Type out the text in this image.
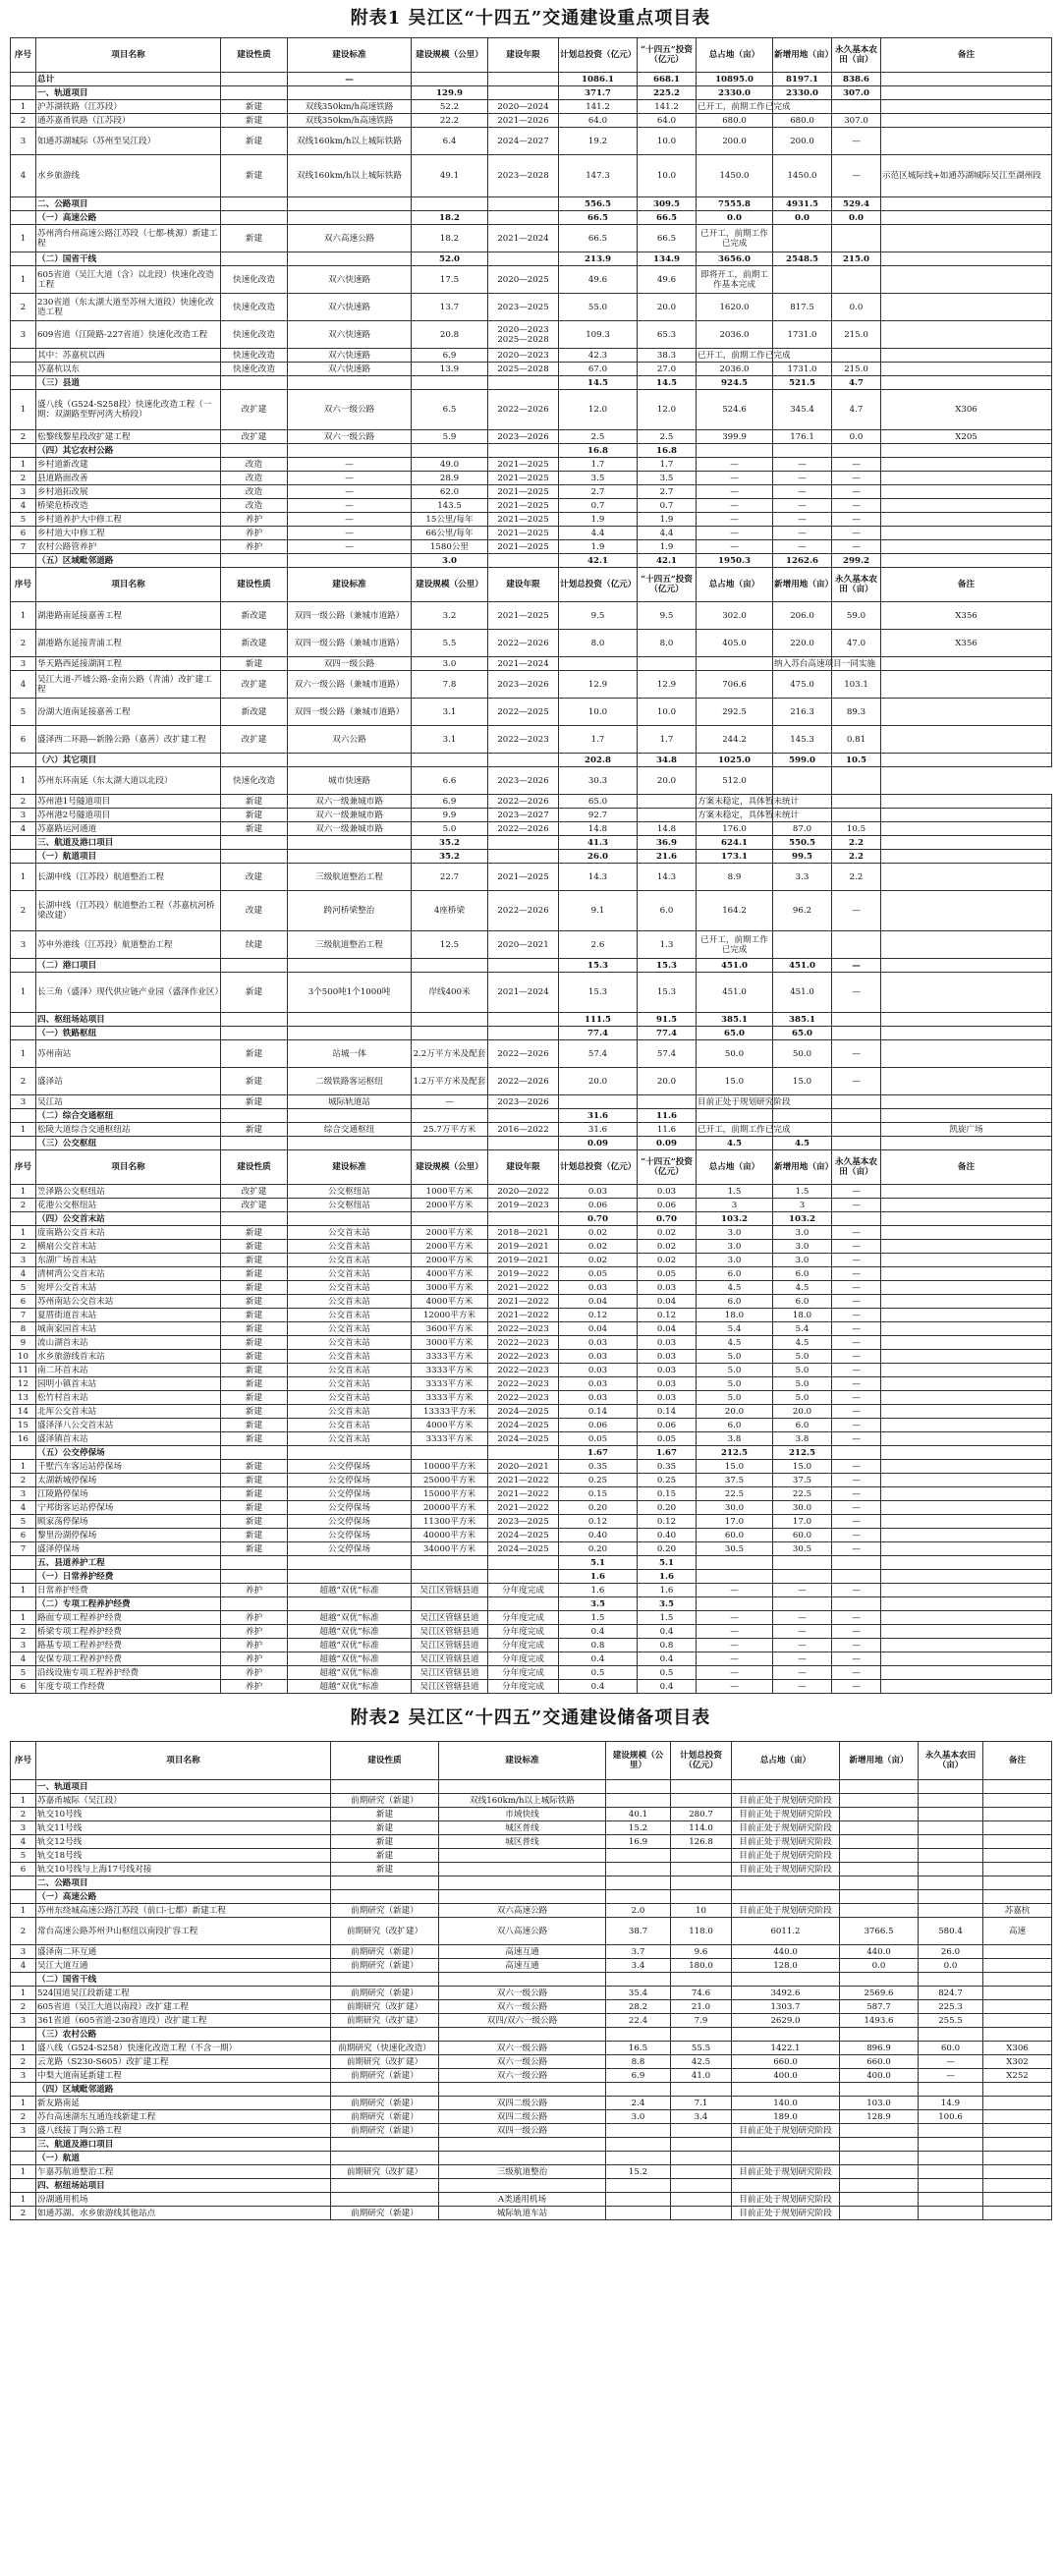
附表1 吴江区“十四五”交通建设重点项目表
序号	项目名称	建设性质	建设标准	建设规模（公里）	建设年限	计划总投资（亿元）	“十四五”投资（亿元）	总占地（亩）	新增用地（亩）	永久基本农田（亩）	备注
	总计		—			1086.1	668.1	10895.0	8197.1	838.6	
	一、轨道项目			129.9		371.7	225.2	2330.0	2330.0	307.0	
1	沪苏湖铁路（江苏段）	新建	双线350km/h高速铁路	52.2	2020—2024	141.2	141.2	已开工，前期工作已完成			
2	通苏嘉甬铁路（江苏段）	新建	双线350km/h高速铁路	22.2	2021—2026	64.0	64.0	680.0	680.0	307.0	
3	如通苏湖城际（苏州至吴江段）	新建	双线160km/h以上城际铁路	6.4	2024—2027	19.2	10.0	200.0	200.0	—	
4	水乡旅游线	新建	双线160km/h以上城际铁路	49.1	2023—2028	147.3	10.0	1450.0	1450.0	—	示范区城际线+如通苏湖城际吴江至湖州段
	二、公路项目					556.5	309.5	7555.8	4931.5	529.4	
	（一）高速公路			18.2		66.5	66.5	0.0	0.0	0.0	
1	苏州湾台州高速公路江苏段（七都-桃源）新建工程	新建	双六高速公路	18.2	2021—2024	66.5	66.5	已开工，前期工作已完成			
	（二）国省干线			52.0		213.9	134.9	3656.0	2548.5	215.0	
1	605省道（吴江大道（含）以北段）快速化改造工程	快速化改造	双六快速路	17.5	2020—2025	49.6	49.6	即将开工，前期工作基本完成			
2	230省道（东太湖大道至苏州大道段）快速化改造工程	快速化改造	双六快速路	13.7	2023—2025	55.0	20.0	1620.0	817.5	0.0	
3	609省道（江陵路-227省道）快速化改造工程	快速化改造	双六快速路	20.8	2020—2023 2025—2028	109.3	65.3	2036.0	1731.0	215.0	
	其中：苏嘉杭以西	快速化改造	双六快速路	6.9	2020—2023	42.3	38.3	已开工，前期工作已完成			
	苏嘉杭以东	快速化改造	双六快速路	13.9	2025—2028	67.0	27.0	2036.0	1731.0	215.0	
	（三）县道					14.5	14.5	924.5	521.5	4.7	
1	盛八线（G524-S258段）快速化改造工程（一期：双湖路至野河湾大桥段）	改扩建	双六一级公路	6.5	2022—2026	12.0	12.0	524.6	345.4	4.7	X306
2	松黎线黎星段改扩建工程	改扩建	双六一级公路	5.9	2023—2026	2.5	2.5	399.9	176.1	0.0	X205
	（四）其它农村公路					16.8	16.8				
1	乡村道新改建	改造	—	49.0	2021—2025	1.7	1.7	—	—	—	
2	县道路面改善	改造	—	28.9	2021—2025	3.5	3.5	—	—	—	
3	乡村道拓改展	改造	—	62.0	2021—2025	2.7	2.7	—	—	—	
4	桥梁危桥改造	改造	—	143.5	2021—2025	0.7	0.7	—	—	—	
5	乡村道养护大中修工程	养护	—	15公里/每年	2021—2025	1.9	1.9	—	—	—	
6	乡村道大中修工程	养护	—	66公里/每年	2021—2025	4.4	4.4	—	—	—	
7	农村公路管养护	养护	—	1580公里	2021—2025	1.9	1.9	—	—	—	
	（五）区域毗邻道路			3.0		42.1	42.1	1950.3	1262.6	299.2	
序号	项目名称	建设性质	建设标准	建设规模（公里）	建设年限	计划总投资（亿元）	“十四五”投资（亿元）	总占地（亩）	新增用地（亩）	永久基本农田（亩）	备注
1	湖港路南延接嘉善工程	新改建	双四一级公路（兼城市道路）	3.2	2021—2025	9.5	9.5	302.0	206.0	59.0	X356
2	湖港路东延接青浦工程	新改建	双四一级公路（兼城市道路）	5.5	2022—2026	8.0	8.0	405.0	220.0	47.0	X356
3	华天路西延接湖洞工程	新建	双四一级公路	3.0	2021—2024				纳入苏台高速项目一同实施		
4	吴江大道-芦墟公路-金南公路（青浦）改扩建工程	改扩建	双六一级公路（兼城市道路）	7.8	2023—2026	12.9	12.9	706.6	475.0	103.1	
5	汾湖大道南延接嘉善工程	新改建	双四一级公路（兼城市道路）	3.1	2022—2025	10.0	10.0	292.5	216.3	89.3	
6	盛泽西二环路—新塍公路（嘉善）改扩建工程	改扩建	双六公路	3.1	2022—2023	1.7	1.7	244.2	145.3	0.81	
	（六）其它项目					202.8	34.8	1025.0	599.0	10.5	
1	苏州东环南延（东太湖大道以北段）	快速化改造	城市快速路	6.6	2023—2026	30.3	20.0	512.0			
2	苏州港1号隧道项目	新建	双六一级兼城市路	6.9	2022—2026	65.0		方案未稳定，具体暂未统计			
3	苏州港2号隧道项目	新建	双六一级兼城市路	9.9	2023—2027	92.7		方案未稳定，具体暂未统计			
4	苏嘉路运河通道	新建	双六一级兼城市路	5.0	2022—2026	14.8	14.8	176.0	87.0	10.5	
	三、航道及港口项目			35.2		41.3	36.9	624.1	550.5	2.2	
	（一）航道项目			35.2		26.0	21.6	173.1	99.5	2.2	
1	长湖申线（江苏段）航道整治工程	改建	三级航道整治工程	22.7	2021—2025	14.3	14.3	8.9	3.3	2.2	
2	长湖申线（江苏段）航道整治工程（苏嘉杭河桥梁改建）	改建	跨河桥梁整治	4座桥梁	2022—2026	9.1	6.0	164.2	96.2	—	
3	苏申外港线（江苏段）航道整治工程	续建	三级航道整治工程	12.5	2020—2021	2.6	1.3	已开工，前期工作已完成			
	（二）港口项目					15.3	15.3	451.0	451.0	—	
1	长三角（盛泽）现代供应链产业园（盛泽作业区）	新建	3个500吨1个1000吨	岸线400米	2021—2024	15.3	15.3	451.0	451.0	—	
	四、枢纽场站项目					111.5	91.5	385.1	385.1		
	（一）铁路枢纽					77.4	77.4	65.0	65.0		
1	苏州南站	新建	站城一体	2.2万平方米及配套	2022—2026	57.4	57.4	50.0	50.0	—	
2	盛泽站	新建	二级铁路客运枢纽	1.2万平方米及配套	2022—2026	20.0	20.0	15.0	15.0	—	
3	吴江站	新建	城际轨道站	—	2023—2026			目前正处于规划研究阶段			
	（二）综合交通枢纽					31.6	11.6				
1	松陵大道综合交通枢纽站	新建	综合交通枢纽	25.7万平方米	2016—2022	31.6	11.6	已开工，前期工作已完成			凯旋广场
	（三）公交枢纽					0.09	0.09	4.5	4.5		
序号	项目名称	建设性质	建设标准	建设规模（公里）	建设年限	计划总投资（亿元）	“十四五”投资（亿元）	总占地（亩）	新增用地（亩）	永久基本农田（亩）	备注
1	笠泽路公交枢纽站	改扩建	公交枢纽站	1000平方米	2020—2022	0.03	0.03	1.5	1.5	—	
2	花港公交枢纽站	改扩建	公交枢纽站	2000平方米	2019—2023	0.06	0.06	3	3	—	
	（四）公交首末站					0.70	0.70	103.2	103.2		
1	庞南路公交首末站	新建	公交首末站	2000平方米	2018—2021	0.02	0.02	3.0	3.0	—	
2	横扇公交首末站	新建	公交首末站	2000平方米	2019—2021	0.02	0.02	3.0	3.0	—	
3	东湖广场首末站	新建	公交首末站	2000平方米	2019—2021	0.02	0.02	3.0	3.0	—	
4	清树湾公交首末站	新建	公交首末站	4000平方米	2019—2022	0.05	0.05	6.0	6.0	—	
5	宛坪公交首末站	新建	公交首末站	3000平方米	2021—2022	0.03	0.03	4.5	4.5	—	
6	苏州南站公交首末站	新建	公交首末站	4000平方米	2021—2022	0.04	0.04	6.0	6.0	—	
7	夏厝街道首末站	新建	公交首末站	12000平方米	2021—2022	0.12	0.12	18.0	18.0	—	
8	城南家园首末站	新建	公交首末站	3600平方米	2022—2023	0.04	0.04	5.4	5.4	—	
9	流山湖首末站	新建	公交首末站	3000平方米	2022—2023	0.03	0.03	4.5	4.5	—	
10	水乡旅游线首末站	新建	公交首末站	3333平方米	2022—2023	0.03	0.03	5.0	5.0	—	
11	南二环首末站	新建	公交首末站	3333平方米	2022—2023	0.03	0.03	5.0	5.0	—	
12	园明小镇首末站	新建	公交首末站	3333平方米	2022—2023	0.03	0.03	5.0	5.0	—	
13	松竹村首末站	新建	公交首末站	3333平方米	2022—2023	0.03	0.03	5.0	5.0	—	
14	北厍公交首末站	新建	公交首末站	13333平方米	2024—2025	0.14	0.14	20.0	20.0	—	
15	盛泽泽八公交首末站	新建	公交首末站	4000平方米	2024—2025	0.06	0.06	6.0	6.0	—	
16	盛泽镇首末站	新建	公交首末站	3333平方米	2024—2025	0.05	0.05	3.8	3.8	—	
	（五）公交停保场					1.67	1.67	212.5	212.5		
1	千墅汽车客运站停保场	新建	公交停保场	10000平方米	2020—2021	0.35	0.35	15.0	15.0	—	
2	太湖新城停保场	新建	公交停保场	25000平方米	2021—2022	0.25	0.25	37.5	37.5	—	
3	江陵路停保场	新建	公交停保场	15000平方米	2021—2022	0.15	0.15	22.5	22.5	—	
4	宁邦街客运站停保场	新建	公交停保场	20000平方米	2021—2022	0.20	0.20	30.0	30.0	—	
5	顾家荡停保场	新建	公交停保场	11300平方米	2023—2025	0.12	0.12	17.0	17.0	—	
6	黎里汾湖停保场	新建	公交停保场	40000平方米	2024—2025	0.40	0.40	60.0	60.0	—	
7	盛泽停保场	新建	公交停保场	34000平方米	2024—2025	0.20	0.20	30.5	30.5	—	
	五、县道养护工程					5.1	5.1				
	（一）日常养护经费					1.6	1.6				
1	日常养护经费	养护	超越“双优”标准	吴江区管辖县道	分年度完成	1.6	1.6	—	—	—	
	（二）专项工程养护经费					3.5	3.5				
1	路面专项工程养护经费	养护	超越“双优”标准	吴江区管辖县道	分年度完成	1.5	1.5	—	—	—	
2	桥梁专项工程养护经费	养护	超越“双优”标准	吴江区管辖县道	分年度完成	0.4	0.4	—	—	—	
3	路基专项工程养护经费	养护	超越“双优”标准	吴江区管辖县道	分年度完成	0.8	0.8	—	—	—	
4	安保专项工程养护经费	养护	超越“双优”标准	吴江区管辖县道	分年度完成	0.4	0.4	—	—	—	
5	沿线设施专项工程养护经费	养护	超越“双优”标准	吴江区管辖县道	分年度完成	0.5	0.5	—	—	—	
6	年度专项工作经费	养护	超越“双优”标准	吴江区管辖县道	分年度完成	0.4	0.4	—	—	—	
附表2 吴江区“十四五”交通建设储备项目表
序号	项目名称	建设性质	建设标准	建设规模（公里）	计划总投资（亿元）	总占地（亩）	新增用地（亩）	永久基本农田（亩）	备注
	一、轨道项目								
1	苏嘉甬城际（吴江段）	前期研究（新建）	双线160km/h以上城际铁路			目前正处于规划研究阶段			
2	轨交10号线	新建	市域快线	40.1	280.7	目前正处于规划研究阶段			
3	轨交11号线	新建	城区普线	15.2	114.0	目前正处于规划研究阶段			
4	轨交12号线	新建	城区普线	16.9	126.8	目前正处于规划研究阶段			
5	轨交18号线	新建				目前正处于规划研究阶段			
6	轨交10号线与上海17号线对接	新建				目前正处于规划研究阶段			
	二、公路项目								
	（一）高速公路								
1	苏州东绕城高速公路江苏段（前口-七都）新建工程	前期研究（新建）	双六高速公路	2.0	10	目前正处于规划研究阶段			苏嘉杭
2	常台高速公路苏州尹山枢纽以南段扩容工程	前期研究（改扩建）	双八高速公路	38.7	118.0	6011.2	3766.5	580.4	高速
3	盛泽南二环互通	前期研究（新建）	高速互通	3.7	9.6	440.0	440.0	26.0	
4	吴江大道互通	前期研究（新建）	高速互通	3.4	180.0	128.0	0.0	0.0	
	（二）国省干线								
1	524国道吴江段新建工程	前期研究（新建）	双六一级公路	35.4	74.6	3492.6	2569.6	824.7	
2	605省道（吴江大道以南段）改扩建工程	前期研究（改扩建）	双六一级公路	28.2	21.0	1303.7	587.7	225.3	
3	361省道（605省道-230省道段）改扩建工程	前期研究（改扩建）	双四/双六一级公路	22.4	7.9	2629.0	1493.6	255.5	
	（三）农村公路								
1	盛八线（G524-S258）快速化改造工程（不含一期）	前期研究（快速化改造）	双六一级公路	16.5	55.5	1422.1	896.9	60.0	X306
2	云龙路（S230-S605）改扩建工程	前期研究（改扩建）	双六一级公路	8.8	42.5	660.0	660.0	—	X302
3	中梨大道南延新建工程	前期研究（新建）	双六一级公路	6.9	41.0	400.0	400.0	—	X252
	（四）区域毗邻道路								
1	新友路南延	前期研究（新建）	双四二级公路	2.4	7.1	140.0	103.0	14.9	
2	苏台高速湖东互通连线新建工程	前期研究（新建）	双四二级公路	3.0	3.4	189.0	128.9	100.6	
3	盛八线接丁陶公路工程	前期研究（新建）	双四一级公路			目前正处于规划研究阶段			
	三、航道及港口项目								
	（一）航道								
1	乍嘉苏航道整治工程	前期研究（改扩建）	三级航道整治	15.2		目前正处于规划研究阶段			
	四、枢纽场站项目								
1	汾湖通用机场		A类通用机场			目前正处于规划研究阶段			
2	如通苏湖、水乡旅游线其他站点	前期研究（新建）	城际轨道车站			目前正处于规划研究阶段			
